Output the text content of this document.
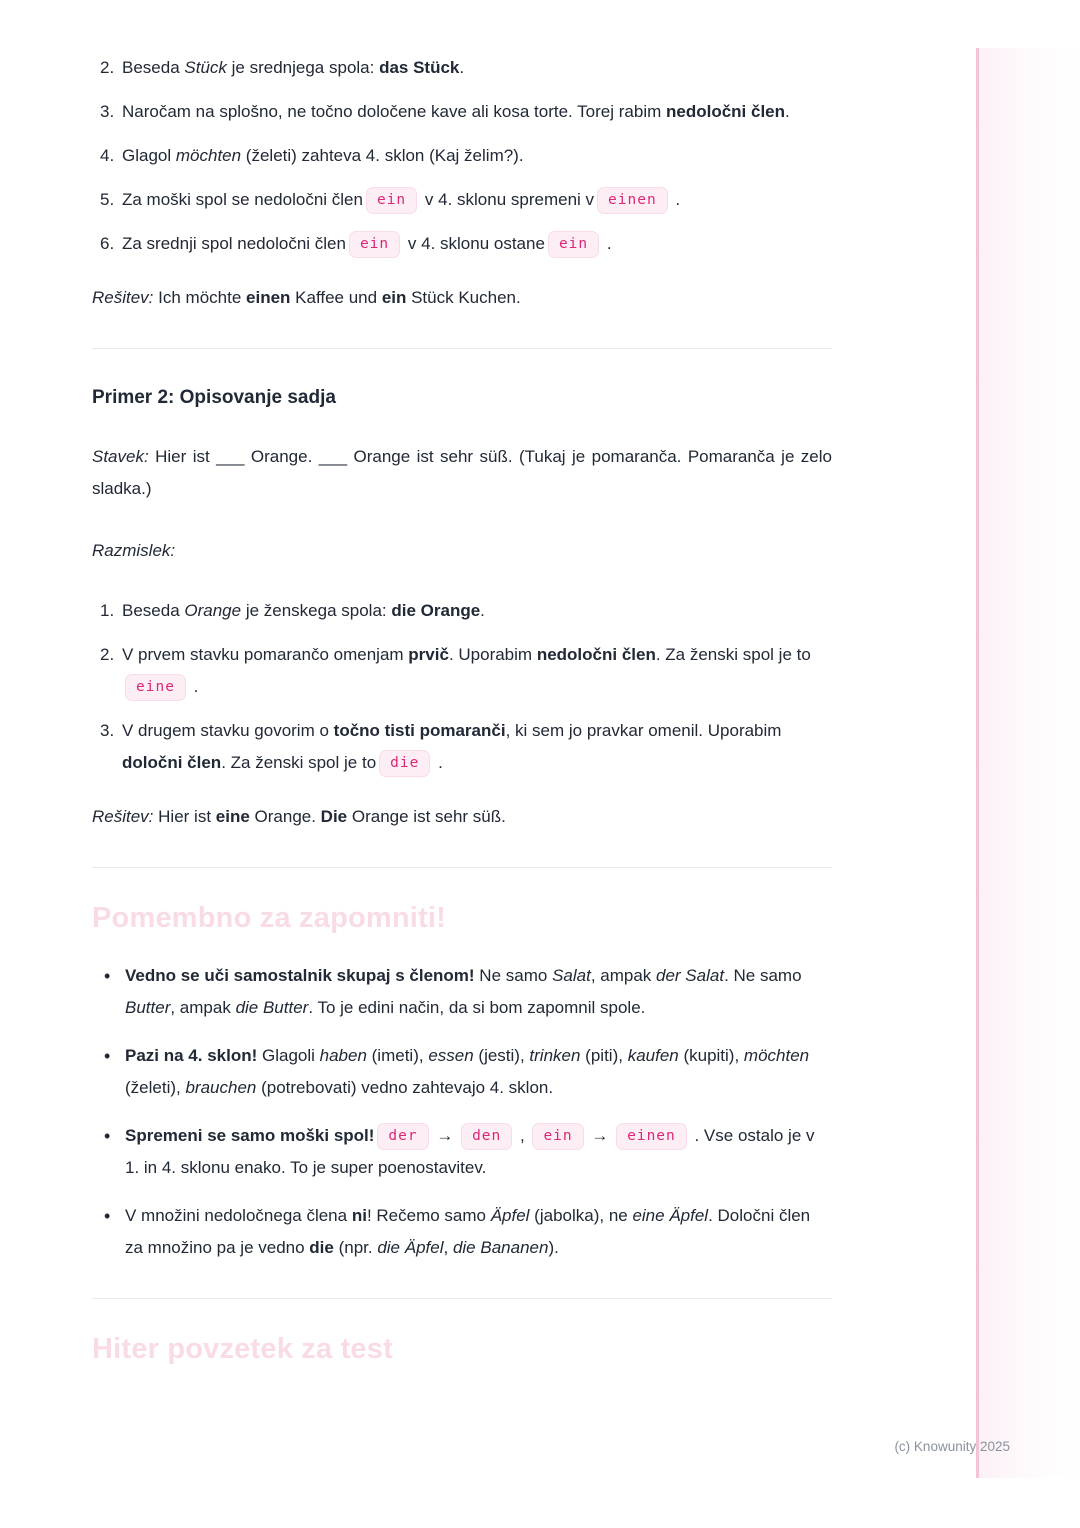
2. Beseda Stück je srednjega spola: das Stück.
3. Naročam na splošno, ne točno določene kave ali kosa torte. Torej rabim nedoločni člen.
4. Glagol möchten (želeti) zahteva 4. sklon (Kaj želim?).
5. Za moški spol se nedoločni člen ein v 4. sklonu spremeni v einen .
6. Za srednji spol nedoločni člen ein v 4. sklonu ostane ein .

Rešitev: Ich möchte einen Kaffee und ein Stück Kuchen.

Primer 2: Opisovanje sadja

Stavek: Hier ist ___ Orange. ___ Orange ist sehr süß. (Tukaj je pomaranča. Pomaranča je zelo sladka.)

Razmislek:

1. Beseda Orange je ženskega spola: die Orange.
2. V prvem stavku pomarančo omenjam prvič. Uporabim nedoločni člen. Za ženski spol je toeine .
3. V drugem stavku govorim o točno tisti pomaranči, ki sem jo pravkar omenil. Uporabim določni člen. Za ženski spol je to die .

Rešitev: Hier ist eine Orange. Die Orange ist sehr süß.

Pomembno za zapomniti!
• Vedno se uči samostalnik skupaj s členom! Ne samo Salat, ampak der Salat. Ne samo Butter, ampak die Butter. To je edini način, da si bom zapomnil spole.
• Pazi na 4. sklon! Glagoli haben (imeti), essen (jesti), trinken (piti), kaufen (kupiti), möchten (želeti), brauchen (potrebovati) vedno zahtevajo 4. sklon.
• Spremeni se samo moški spol! der → den , ein → einen . Vse ostalo je v 1. in 4. sklonu enako. To je super poenostavitev.
• V množini nedoločnega člena ni! Rečemo samo Äpfel (jabolka), ne eine Äpfel. Določni člen za množino pa je vedno die (npr. die Äpfel, die Bananen).
Hiter povzetek za test
(c) Knowunity 2025
